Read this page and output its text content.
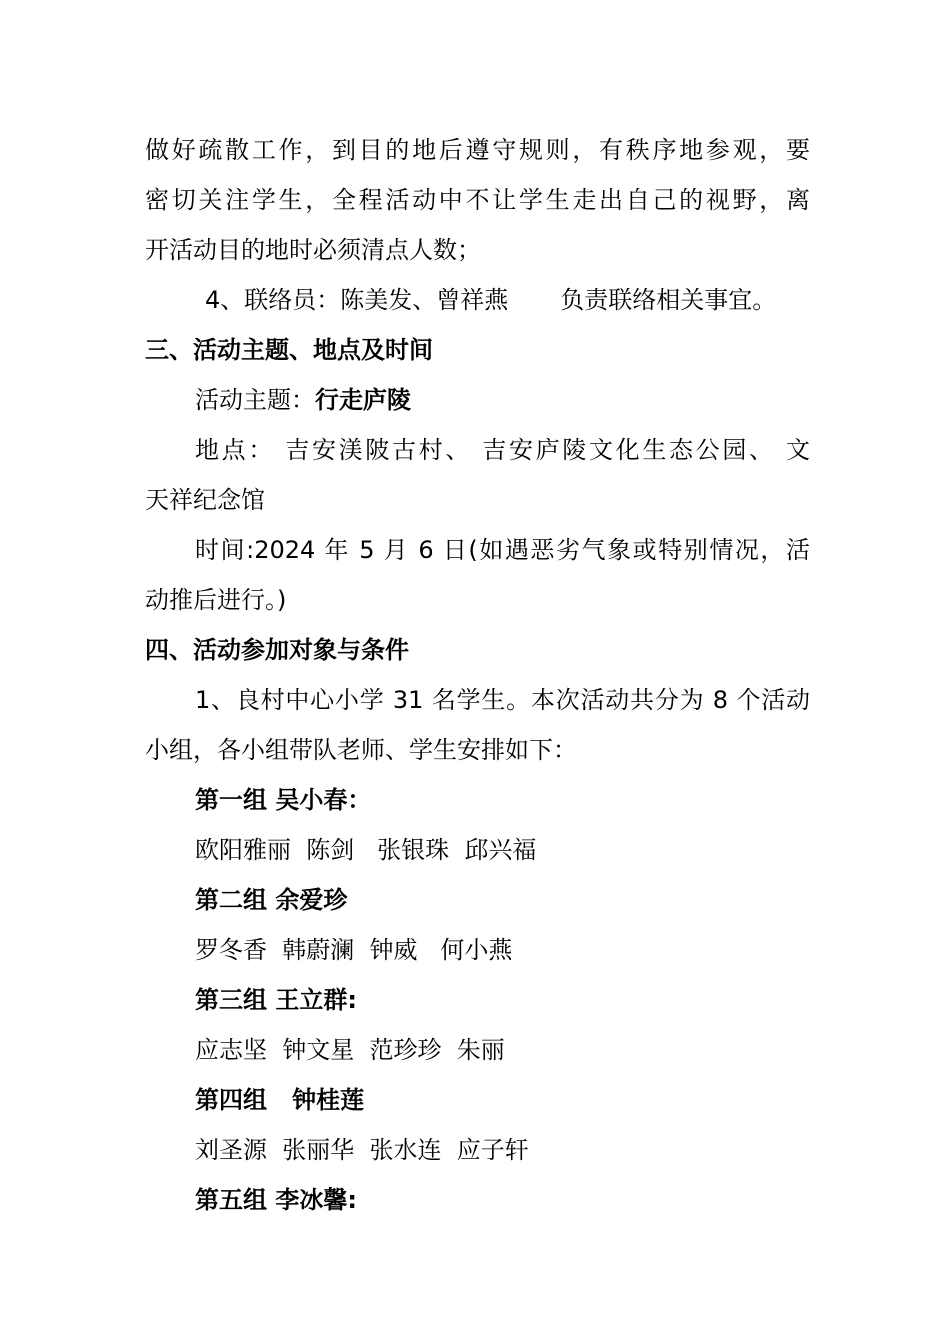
做好疏散工作，到目的地后遵守规则，有秩序地参观，要
密切关注学生，全程活动中不让学生走出自己的视野，离
开活动目的地时必须清点人数；
4、联络员：陈美发、曾祥燕 负责联络相关事宜。
三、活动主题、地点及时间
活动主题：行走庐陵
地点： 吉安渼陂古村、 吉安庐陵文化生态公园、 文
天祥纪念馆
时间:2024 年 5 月 6 日(如遇恶劣气象或特别情况，活
动推后进行。)
四、活动参加对象与条件
1、良村中心小学 31 名学生。本次活动共分为 8 个活动
小组，各小组带队老师、学生安排如下：
第一组 吴小春：
欧阳雅丽  陈剑   张银珠  邱兴福
第二组 余爱珍
罗冬香  韩蔚澜  钟威   何小燕
第三组 王立群:
应志坚  钟文星  范珍珍  朱丽
第四组   钟桂莲
刘圣源  张丽华  张水连  应子轩
第五组 李冰馨:
